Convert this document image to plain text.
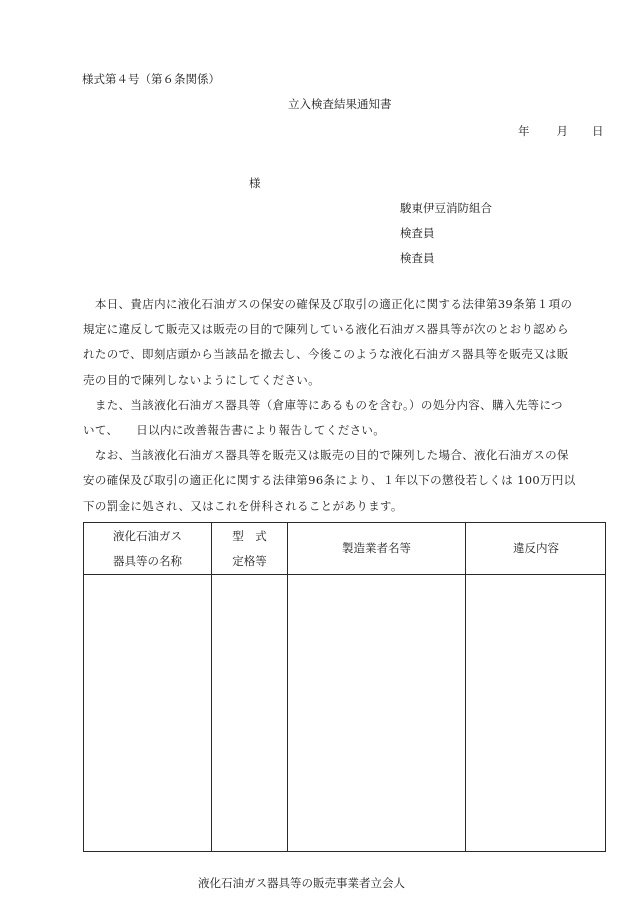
様式第４号（第６条関係）
立入検査結果通知書
年 月 日
様
駿東伊豆消防組合
検査員
検査員
　本日、貴店内に液化石油ガスの保安の確保及び取引の適正化に関する法律第39条第１項の
規定に違反して販売又は販売の目的で陳列している液化石油ガス器具等が次のとおり認めら
れたので、即刻店頭から当該品を撤去し、今後このような液化石油ガス器具等を販売又は販
売の目的で陳列しないようにしてください。
　また、当該液化石油ガス器具等（倉庫等にあるものを含む。）の処分内容、購入先等につ
いて、　　日以内に改善報告書により報告してください。
　なお、当該液化石油ガス器具等を販売又は販売の目的で陳列した場合、液化石油ガスの保
安の確保及び取引の適正化に関する法律第96条により、１年以下の懲役若しくは 100万円以
下の罰金に処され、又はこれを併科されることがあります。
液化石油ガス
器具等の名称
型　式
定格等
製造業者名等	違反内容
液化石油ガス器具等の販売事業者立会人
